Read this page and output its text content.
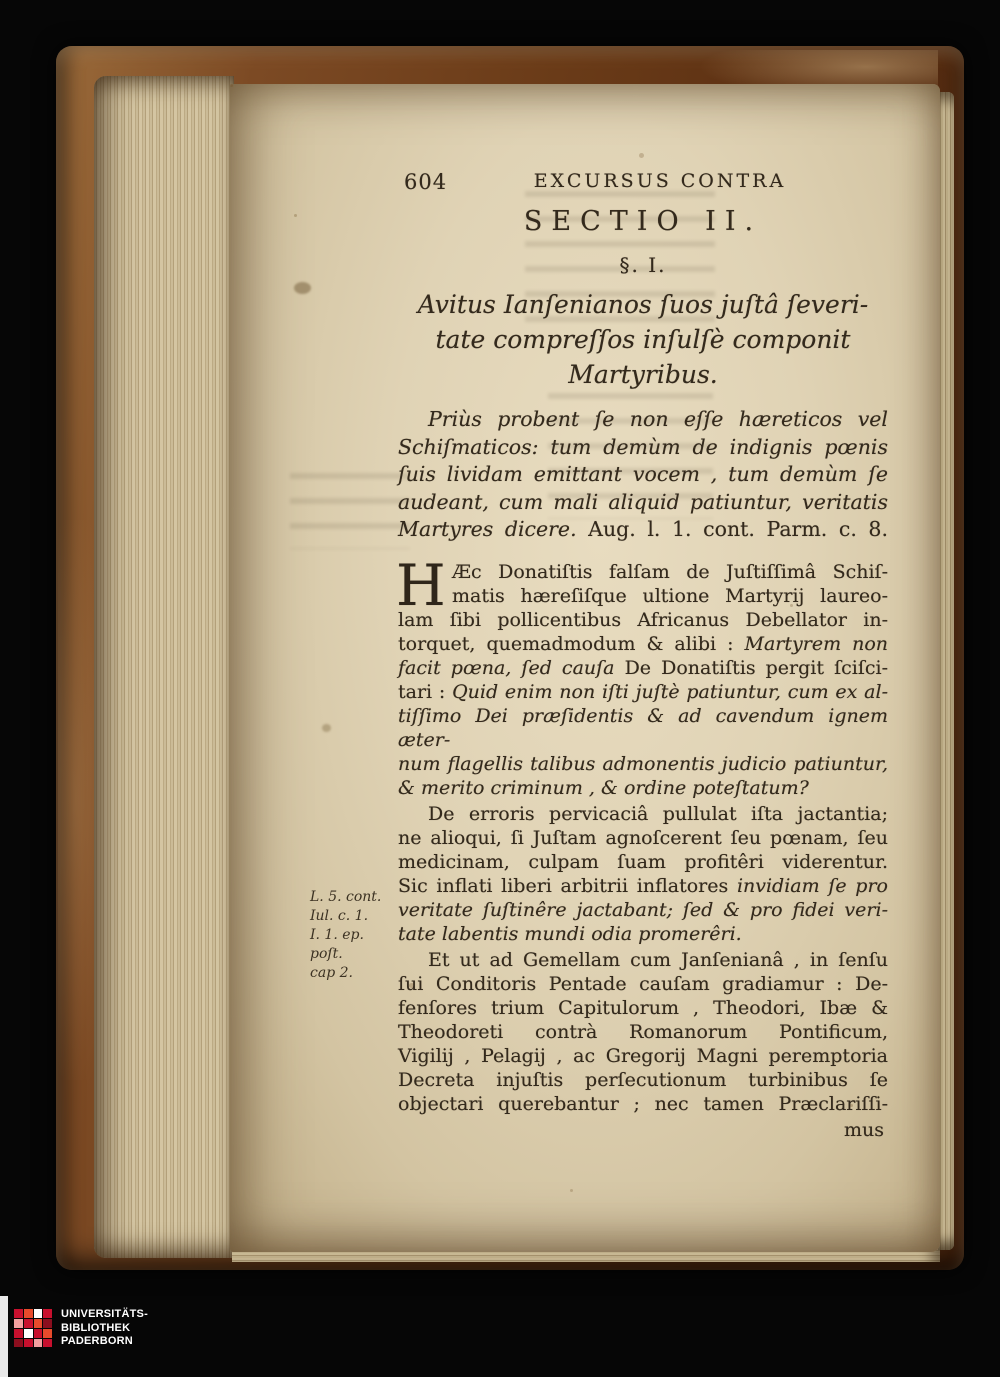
L. 5. cont.
Iul. c. 1.
I. 1. ep. poſt.
cap 2.
604	EXCURSUS CONTRA
SECTIO II.
§. I.
Avitus Ianſenianos ſuos juſtâ ſeveri-
tate compreſſos inſulſè componit
Martyribus.
Priùs probent ſe non eſſe hæreticos vel
Schiſmaticos: tum demùm de indignis pœnis
ſuis lividam emittant vocem , tum demùm ſe
audeant, cum mali aliquid patiuntur, veritatis
Martyres dicere. Aug. l. 1. cont. Parm. c. 8.
H Æc Donatiſtis falſam de Juſtiſſimâ Schiſ-
matis hæreſiſque ultione Martyrij laureo-
lam ſibi pollicentibus Africanus Debellator in-
torquet, quemadmodum & alibi : Martyrem non
facit pœna, ſed cauſa De Donatiſtis pergit ſciſci-
tari : Quid enim non iſti juſtè patiuntur, cum ex al-
tiſſimo Dei præſidentis & ad cavendum ignem æter-
num flagellis talibus admonentis judicio patiuntur,
& merito criminum , & ordine poteſtatum?
De erroris pervicaciâ pullulat iſta jactantia;
ne alioqui, ſi Juſtam agnoſcerent ſeu pœnam, ſeu
medicinam, culpam ſuam profitêri viderentur.
Sic inflati liberi arbitrii inflatores invidiam ſe pro
veritate ſuſtinêre jactabant; ſed & pro fidei veri-
tate labentis mundi odia promerêri.
Et ut ad Gemellam cum Janſenianâ , in ſenſu
ſui Conditoris Pentade cauſam gradiamur : De-
fenſores trium Capitulorum , Theodori, Ibæ &
Theodoreti contrà Romanorum Pontificum,
Vigilij , Pelagij , ac Gregorij Magni peremptoria
Decreta injuſtis perſecutionum turbinibus ſe
objectari querebantur ; nec tamen Præclariſſi-
mus
UNIVERSITÄTS-
BIBLIOTHEK
PADERBORN
